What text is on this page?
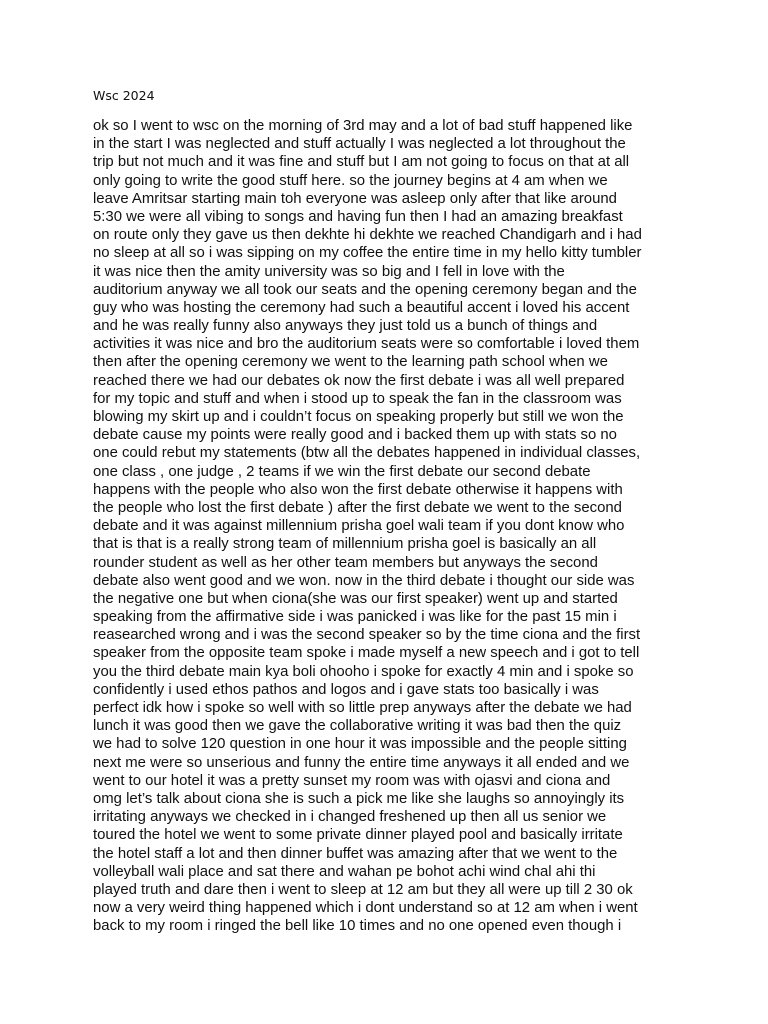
Wsc 2024

ok so I went to wsc on the morning of 3rd may and a lot of bad stuff happened like
in the start I was neglected and stuff actually I was neglected a lot throughout the
trip but not much and it was fine and stuff but I am not going to focus on that at all
only going to write the good stuff here. so the journey begins at 4 am when we
leave Amritsar starting main toh everyone was asleep only after that like around
5:30 we were all vibing to songs and having fun then I had an amazing breakfast
on route only they gave us then dekhte hi dekhte we reached Chandigarh and i had
no sleep at all so i was sipping on my coffee the entire time in my hello kitty tumbler
it was nice then the amity university was so big and I fell in love with the
auditorium anyway we all took our seats and the opening ceremony began and the
guy who was hosting the ceremony had such a beautiful accent i loved his accent
and he was really funny also anyways they just told us a bunch of things and
activities it was nice and bro the auditorium seats were so comfortable i loved them
then after the opening ceremony we went to the learning path school when we
reached there we had our debates ok now the first debate i was all well prepared
for my topic and stuff and when i stood up to speak the fan in the classroom was
blowing my skirt up and i couldn’t focus on speaking properly but still we won the
debate cause my points were really good and i backed them up with stats so no
one could rebut my statements (btw all the debates happened in individual classes,
one class , one judge , 2 teams if we win the first debate our second debate
happens with the people who also won the first debate otherwise it happens with
the people who lost the first debate ) after the first debate we went to the second
debate and it was against millennium prisha goel wali team if you dont know who
that is that is a really strong team of millennium prisha goel is basically an all
rounder student as well as her other team members but anyways the second
debate also went good and we won. now in the third debate i thought our side was
the negative one but when ciona(she was our first speaker) went up and started
speaking from the affirmative side i was panicked i was like for the past 15 min i
reasearched wrong and i was the second speaker so by the time ciona and the first
speaker from the opposite team spoke i made myself a new speech and i got to tell
you the third debate main kya boli ohooho i spoke for exactly 4 min and i spoke so
confidently i used ethos pathos and logos and i gave stats too basically i was
perfect idk how i spoke so well with so little prep anyways after the debate we had
lunch it was good then we gave the collaborative writing it was bad then the quiz
we had to solve 120 question in one hour it was impossible and the people sitting
next me were so unserious and funny the entire time anyways it all ended and we
went to our hotel it was a pretty sunset my room was with ojasvi and ciona and
omg let’s talk about ciona she is such a pick me like she laughs so annoyingly its
irritating anyways we checked in i changed freshened up then all us senior we
toured the hotel we went to some private dinner played pool and basically irritate
the hotel staff a lot and then dinner buffet was amazing after that we went to the
volleyball wali place and sat there and wahan pe bohot achi wind chal ahi thi
played truth and dare then i went to sleep at 12 am but they all were up till 2 30 ok
now a very weird thing happened which i dont understand so at 12 am when i went
back to my room i ringed the bell like 10 times and no one opened even though i
